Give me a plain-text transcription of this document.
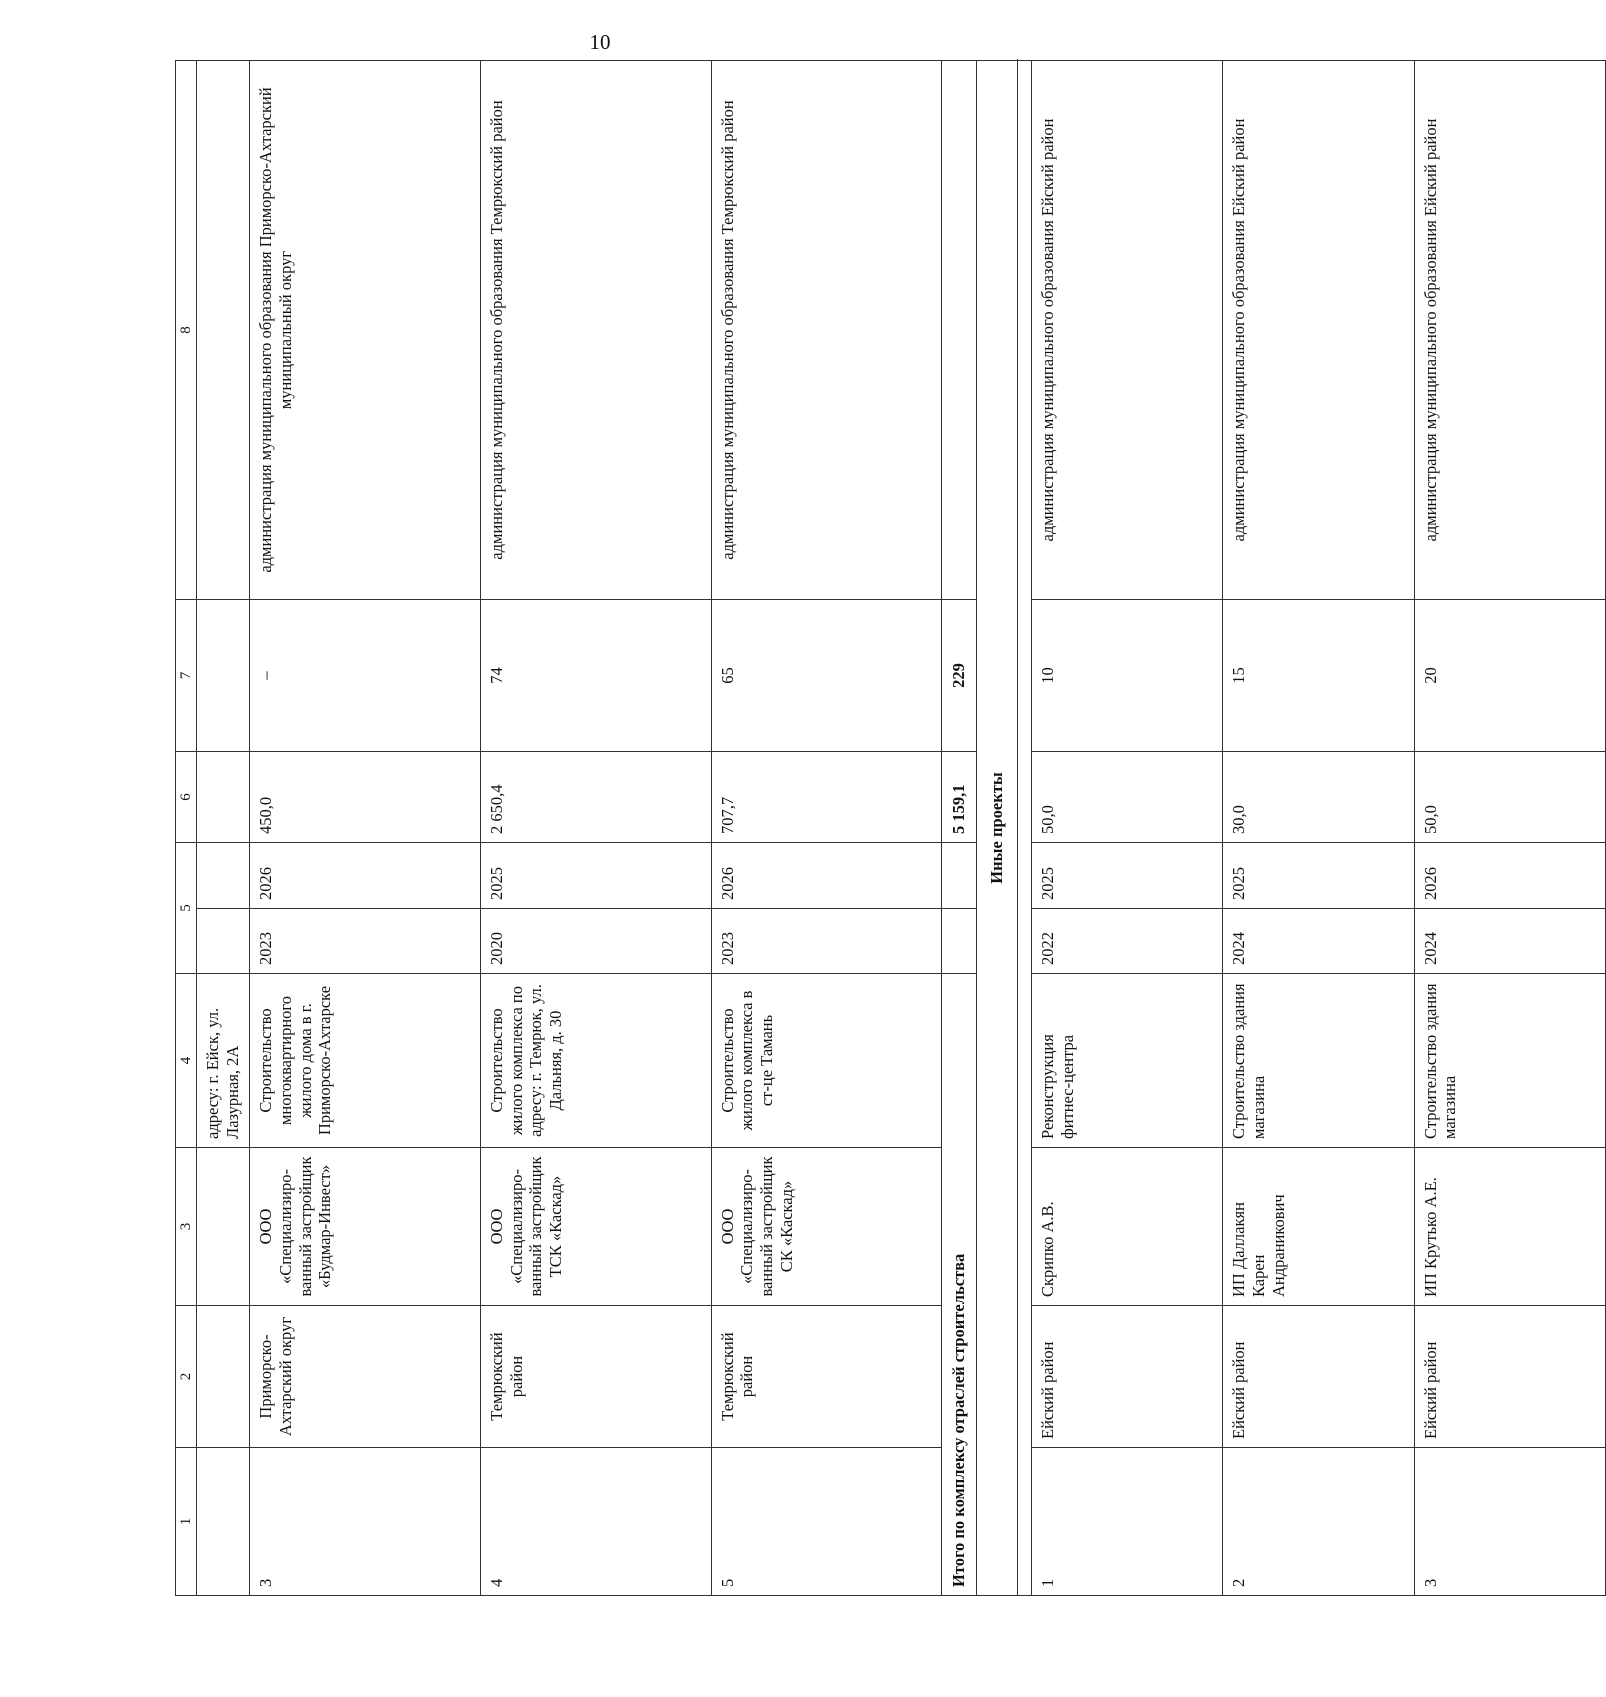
10
1	2	3	4	5		6	7	8	
			адресу: г. Ейск, ул. Лазурная, 2А						
3	Приморско-Ахтарский округ	ООО «Специализиро-ванный застройщик «Будмар-Инвест»	Строительство многоквартирного жилого дома в г. Приморско-Ахтарске	2023	2026	450,0	–	администрация муниципального образования Приморско-Ахтарский муниципальный округ	
4	Темрюкский район	ООО «Специализиро-ванный застройщик ТСК «Каскад»	Строительство жилого комплекса по адресу: г. Темрюк, ул. Дальняя, д. 30	2020	2025	2 650,4	74	администрация муниципального образования Темрюкский район	
5	Темрюкский район	ООО «Специализиро-ванный застройщик СК «Каскад»	Строительство жилого комплекса в ст-це Тамань	2023	2026	707,7	65	администрация муниципального образования Темрюкский район	
Итого по комплексу отраслей строительства						5 159,1	229		
Иные проекты									

1	Ейский район	Скрипко А.В.	Реконструкция фитнес-центра	2022	2025	50,0	10	администрация муниципального образования Ейский район	
2	Ейский район	ИП Даллакян Карен Андраникович	Строительство здания магазина	2024	2025	30,0	15	администрация муниципального образования Ейский район	
3	Ейский район	ИП Крутько А.Е.	Строительство здания магазина	2024	2026	50,0	20	администрация муниципального образования Ейский район	
